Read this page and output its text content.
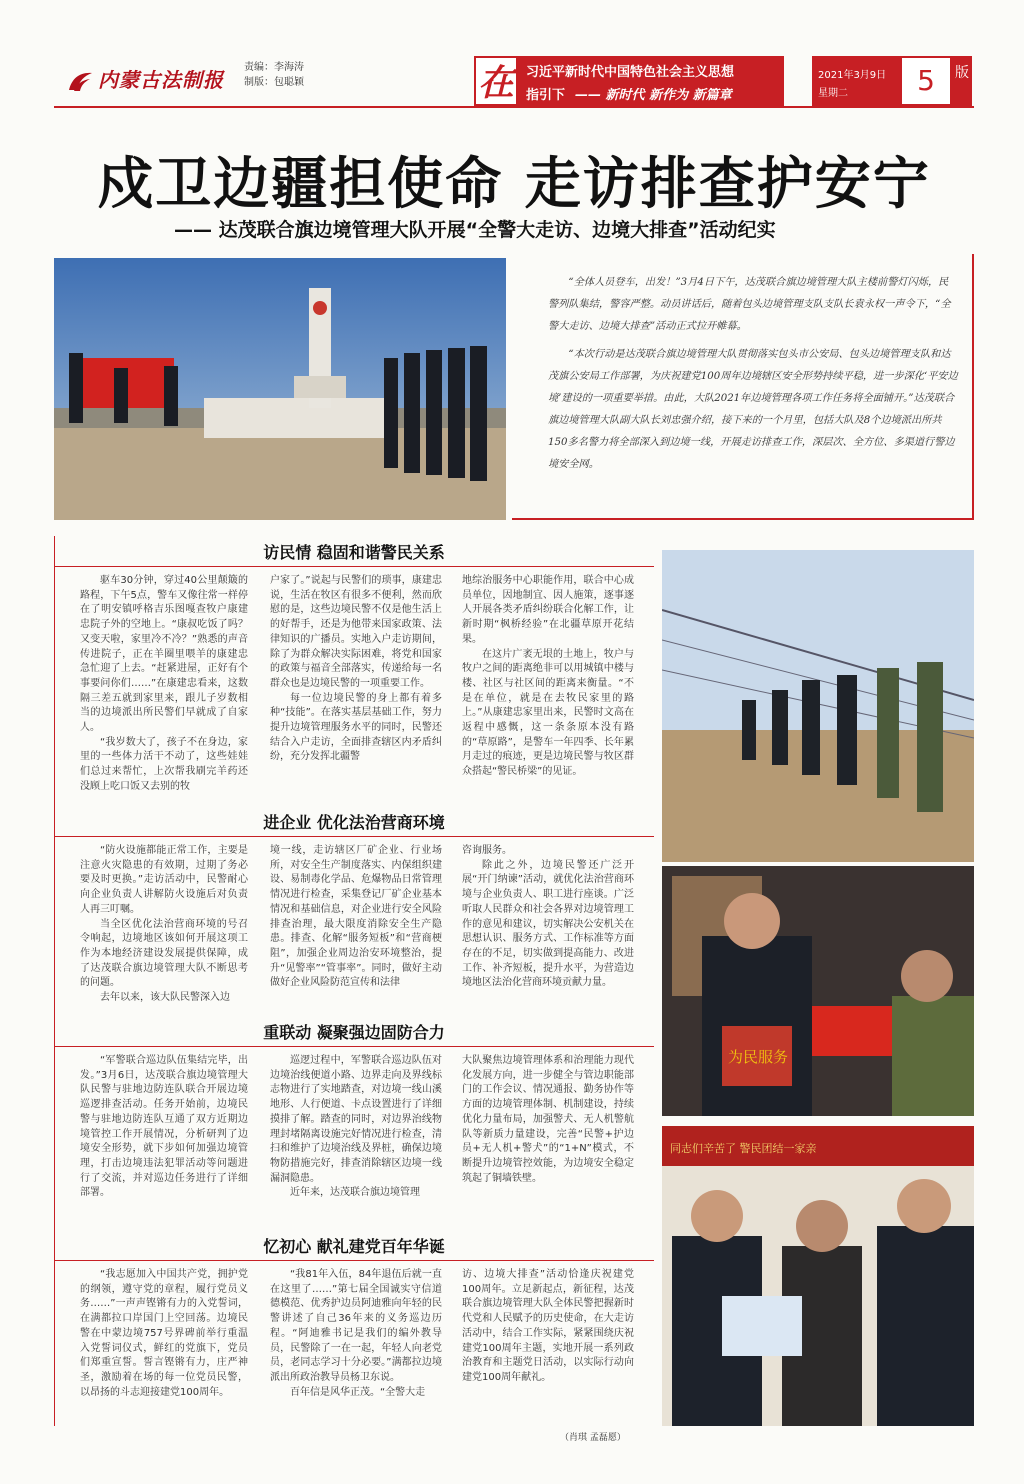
内蒙古法制报
责编：李海涛
制版：包聪颖	在 习近平新时代中国特色社会主义思想
指引下 —— 新时代 新作为 新篇章
2021年3月9日
星期二	5	版
戍卫边疆担使命 走访排查护安宁
—— 达茂联合旗边境管理大队开展“全警大走访、边境大排查”活动纪实

“全体人员登车，出发！”3月4日下午，达茂联合旗边境管理大队主楼前警灯闪烁，民警列队集结，警容严整。动员讲话后，随着包头边境管理支队支队长袁永权一声令下，“全警大走访、边境大排查”活动正式拉开帷幕。

“本次行动是达茂联合旗边境管理大队贯彻落实包头市公安局、包头边境管理支队和达茂旗公安局工作部署，为庆祝建党100周年边境辖区安全形势持续平稳，进一步深化‘平安边境’建设的一项重要举措。由此，大队2021年边境管理各项工作任务将全面铺开。”达茂联合旗边境管理大队副大队长刘忠强介绍，接下来的一个月里，包括大队及8个边境派出所共150多名警力将全部深入到边境一线，开展走访排查工作，深层次、全方位、多渠道行警边境安全网。

访民情 稳固和谐警民关系

驱车30分钟，穿过40公里颠簸的路程，下午5点，警车又像往常一样停在了明安镇呼格吉乐图嘎查牧户康建忠院子外的空地上。“康叔吃饭了吗？又变天啦，家里冷不冷？”熟悉的声音传进院子，正在羊圈里喂羊的康建忠急忙迎了上去。“赶紧进屋，正好有个事要问你们……”在康建忠看来，这数隔三差五就到家里来，跟儿子岁数相当的边境派出所民警们早就成了自家人。

“我岁数大了，孩子不在身边，家里的一些体力活干不动了，这些娃娃们总过来帮忙，上次帮我刷完羊药还没顾上吃口饭又去别的牧

户家了。”说起与民警们的琐事，康建忠说，生活在牧区有很多不便利，然而欣慰的是，这些边境民警不仅是他生活上的好帮手，还是为他带来国家政策、法律知识的广播员。实地入户走访期间，除了为群众解决实际困难，将党和国家的政策与福音全部落实，传递给每一名群众也是边境民警的一项重要工作。

每一位边境民警的身上都有着多种“技能”。在落实基层基础工作，努力提升边境管理服务水平的同时，民警还结合入户走访，全面排查辖区内矛盾纠纷，充分发挥北疆警

地综治服务中心职能作用，联合中心成员单位，因地制宜、因人施策，逐事逐人开展各类矛盾纠纷联合化解工作，让新时期“枫桥经验”在北疆草原开花结果。

在这片广袤无垠的土地上，牧户与牧户之间的距离绝非可以用城镇中楼与楼、社区与社区间的距离来衡量。“不是在单位，就是在去牧民家里的路上。”从康建忠家里出来，民警时文高在返程中感慨，这一条条原本没有路的“草原路”，是警车一年四季、长年累月走过的痕迹，更是边境民警与牧区群众搭起“警民桥梁”的见证。

进企业 优化法治营商环境

“防火设施都能正常工作，主要是注意火灾隐患的有效期，过期了务必要及时更换。”走访活动中，民警耐心向企业负责人讲解防火设施后对负责人再三叮嘱。

当全区优化法治营商环境的号召令响起，边境地区该如何开展这项工作为本地经济建设发展提供保障，成了达茂联合旗边境管理大队不断思考的问题。

去年以来，该大队民警深入边

境一线，走访辖区厂矿企业、行业场所，对安全生产制度落实、内保组织建设、易制毒化学品、危爆物品日常管理情况进行检查，采集登记厂矿企业基本情况和基础信息，对企业进行安全风险排查治理，最大限度消除安全生产隐患。排查、化解“服务短板”和“营商梗阻”，加强企业周边治安环境整治，提升“见警率”“管事率”。同时，做好主动做好企业风险防范宣传和法律

咨询服务。

除此之外，边境民警还广泛开展“开门纳谏”活动，就优化法治营商环境与企业负责人、职工进行座谈。广泛听取人民群众和社会各界对边境管理工作的意见和建议，切实解决公安机关在思想认识、服务方式、工作标准等方面存在的不足，切实做到提高能力、改进工作、补齐短板，提升水平，为营造边境地区法治化营商环境贡献力量。

重联动 凝聚强边固防合力

“军警联合巡边队伍集结完毕，出发。”3月6日，达茂联合旗边境管理大队民警与驻地边防连队联合开展边境巡逻排查活动。任务开始前，边境民警与驻地边防连队互通了双方近期边境管控工作开展情况，分析研判了边境安全形势，就下步如何加强边境管理，打击边境违法犯罪活动等问题进行了交流，并对巡边任务进行了详细部署。

巡逻过程中，军警联合巡边队伍对边境治线便道小路、边界走向及界线标志物进行了实地踏查，对边境一线山溪地形、人行便道、卡点设置进行了详细摸排了解。踏查的同时，对边界治线物理封堵隔离设施完好情况进行检查，清扫和维护了边境治线及界桩，确保边境物防措施完好，排查消除辖区边境一线漏洞隐患。

近年来，达茂联合旗边境管理

大队聚焦边境管理体系和治理能力现代化发展方向，进一步健全与管边职能部门的工作会议、情况通报、勤务协作等方面的边境管理体制、机制建设，持续优化力量布局，加强警犬、无人机警航队等新质力量建设，完善“民警+护边员+无人机+警犬”的“1+N”模式，不断提升边境管控效能，为边境安全稳定筑起了铜墙铁壁。

忆初心 献礼建党百年华诞

“我志愿加入中国共产党，拥护党的纲领，遵守党的章程，履行党员义务……”一声声铿锵有力的入党誓词，在满都拉口岸国门上空回荡。边境民警在中蒙边境757号界碑前举行重温入党誓词仪式，鲜红的党旗下，党员们郑重宣誓。誓言铿锵有力，庄严神圣，激励着在场的每一位党员民警，以昂扬的斗志迎接建党100周年。

“我81年入伍，84年退伍后就一直在这里了……”第七届全国诚实守信道德模范、优秀护边员阿迪雅向年轻的民警讲述了自己36年来的义务巡边历程。“阿迪雅书记是我们的编外教导员，民警除了一在一起，年轻人向老党员，老同志学习十分必要。”满都拉边境派出所政治教导员杨卫东说。

百年信是风华正茂。“全警大走

访、边境大排查”活动恰逢庆祝建党100周年。立足新起点，新征程，达茂联合旗边境管理大队全体民警把握新时代党和人民赋予的历史使命，在大走访活动中，结合工作实际，紧紧围绕庆祝建党100周年主题，实地开展一系列政治教育和主题党日活动，以实际行动向建党100周年献礼。

（肖琪 孟磊愿）
为民服务
同志们辛苦了 警民团结一家亲
